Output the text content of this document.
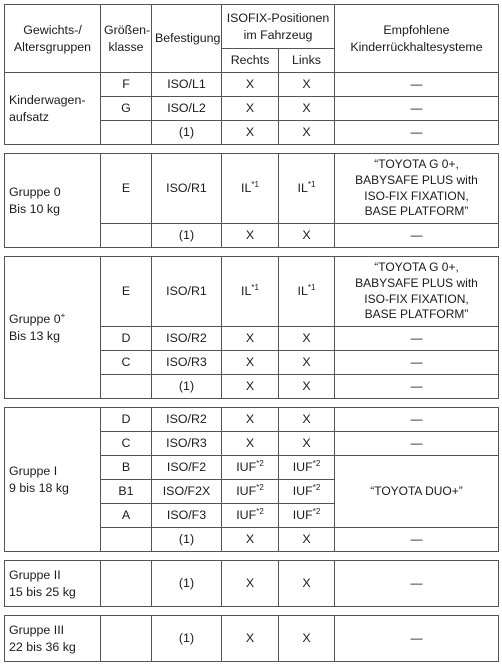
Gewichts-/
Altersgruppen	Größen-
klasse	Befestigung	ISOFIX-Positionen
im Fahrzeug		Empfohlene
Kinderrückhaltesysteme
			Rechts	Links	
Kinderwagen-
aufsatz	F	ISO/L1	X	X	—
	G	ISO/L2	X	X	—
		(1)	X	X	—

Gruppe 0
Bis 10 kg	E	ISO/R1	IL$^{*1}$	IL$^{*1}$	“TOYOTA G 0+,
BABYSAFE PLUS with
ISO-FIX FIXATION,
BASE PLATFORM”
		(1)	X	X	—

Gruppe 0+
Bis 13 kg	E	ISO/R1	IL$^{*1}$	IL$^{*1}$	“TOYOTA G 0+,
BABYSAFE PLUS with
ISO-FIX FIXATION,
BASE PLATFORM”
	D	ISO/R2	X	X	—
	C	ISO/R3	X	X	—
		(1)	X	X	—

Gruppe I
9 bis 18 kg	D	ISO/R2	X	X	—
	C	ISO/R3	X	X	—
	B	ISO/F2	IUF$^{*2}$	IUF$^{*2}$	“TOYOTA DUO+”
	B1	ISO/F2X	IUF$^{*2}$	IUF$^{*2}$
	A	ISO/F3	IUF$^{*2}$	IUF$^{*2}$
		(1)	X	X	—

Gruppe II
15 bis 25 kg		(1)	X	X	—

Gruppe III
22 bis 36 kg		(1)	X	X	—
